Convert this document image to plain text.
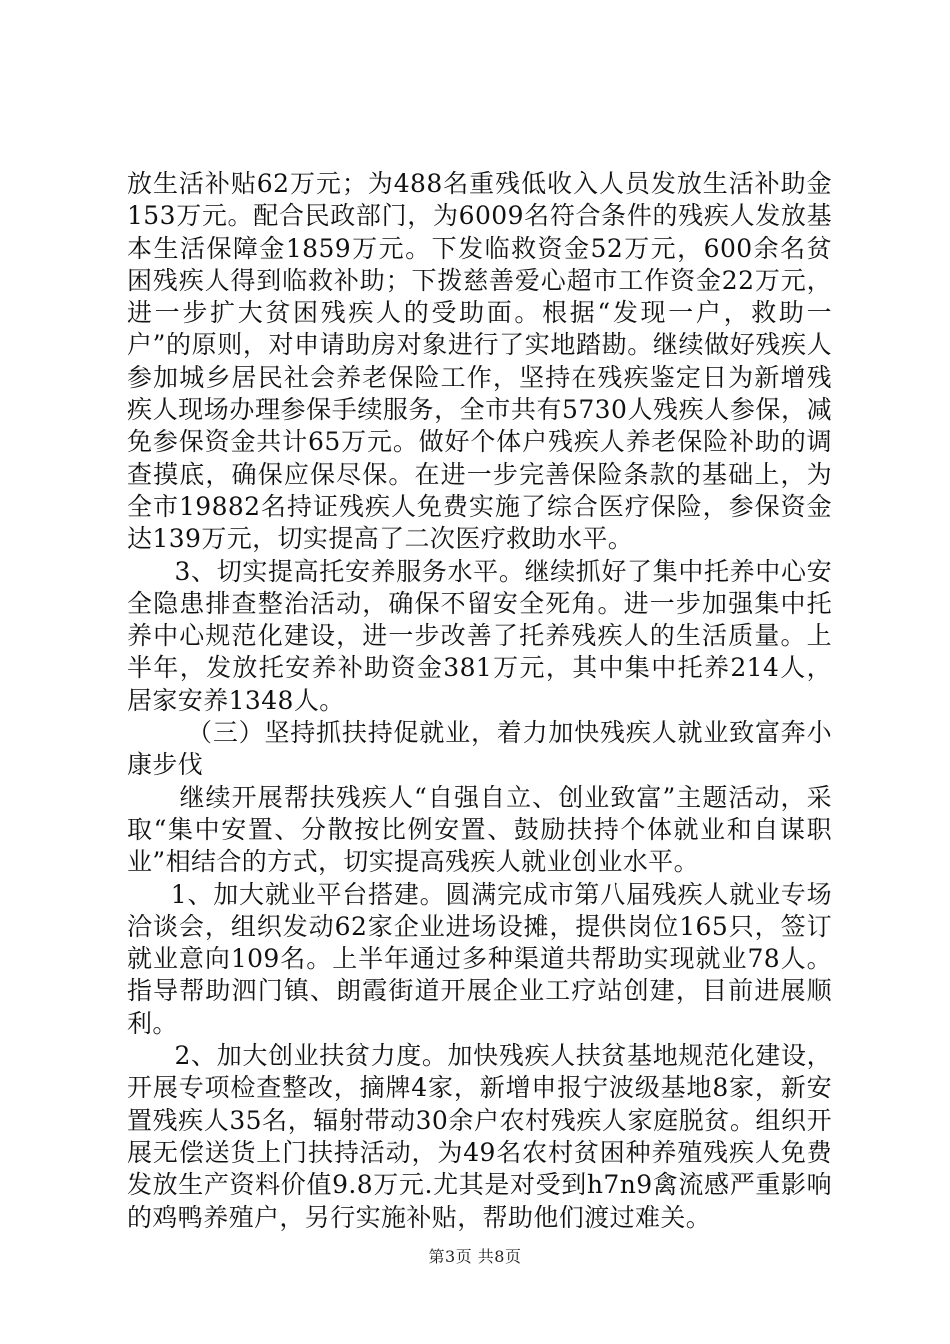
放生活补贴62万元；为488名重残低收入人员发放生活补助金153万元。配合民政部门，为6009名符合条件的残疾人发放基本生活保障金1859万元。下发临救资金52万元，600余名贫困残疾人得到临救补助；下拨慈善爱心超市工作资金22万元，进一步扩大贫困残疾人的受助面。根据“发现一户，救助一户”的原则，对申请助房对象进行了实地踏勘。继续做好残疾人参加城乡居民社会养老保险工作，坚持在残疾鉴定日为新增残疾人现场办理参保手续服务，全市共有5730人残疾人参保，减免参保资金共计65万元。做好个体户残疾人养老保险补助的调查摸底，确保应保尽保。在进一步完善保险条款的基础上，为全市19882名持证残疾人免费实施了综合医疗保险，参保资金达139万元，切实提高了二次医疗救助水平。

3、切实提高托安养服务水平。继续抓好了集中托养中心安全隐患排查整治活动，确保不留安全死角。进一步加强集中托养中心规范化建设，进一步改善了托养残疾人的生活质量。上半年，发放托安养补助资金381万元，其中集中托养214人，居家安养1348人。

（三）坚持抓扶持促就业，着力加快残疾人就业致富奔小康步伐

继续开展帮扶残疾人“自强自立、创业致富”主题活动，采取“集中安置、分散按比例安置、鼓励扶持个体就业和自谋职业”相结合的方式，切实提高残疾人就业创业水平。

1、加大就业平台搭建。圆满完成市第八届残疾人就业专场洽谈会，组织发动62家企业进场设摊，提供岗位165只，签订就业意向109名。上半年通过多种渠道共帮助实现就业78人。指导帮助泗门镇、朗霞街道开展企业工疗站创建，目前进展顺利。

2、加大创业扶贫力度。加快残疾人扶贫基地规范化建设，开展专项检查整改，摘牌4家，新增申报宁波级基地8家，新安置残疾人35名，辐射带动30余户农村残疾人家庭脱贫。组织开展无偿送货上门扶持活动，为49名农村贫困种养殖残疾人免费发放生产资料价值9.8万元.尤其是对受到h7n9禽流感严重影响的鸡鸭养殖户，另行实施补贴，帮助他们渡过难关。

第3页 共8页
